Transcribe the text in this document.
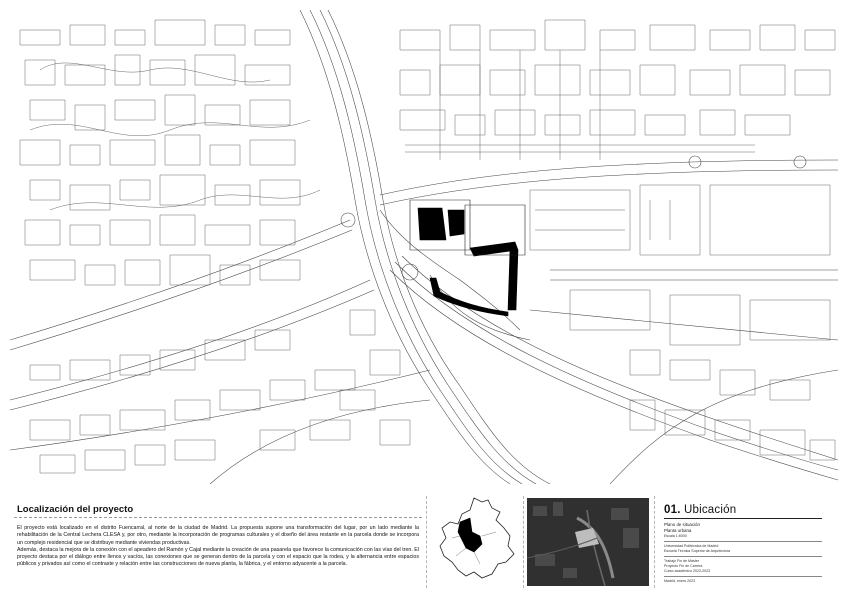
Localización del proyecto

El proyecto está localizado en el distrito Fuencarral, al norte de la ciudad de Madrid. La propuesta supone una transformación del lugar, por un lado mediante la rehabilitación de la Central Lechera CLESA y, por otro, mediante la incorporación de programas culturales y el diseño del área restante en la parcela donde se incorpora un complejo residencial que se distribuye mediante viviendas productivas.

Además, destaca la mejora de la conexión con el apeadero del Ramón y Cajal mediante la creación de una pasarela que favorece la comunicación con las vías del tren. El proyecto destaca por el diálogo entre llenos y vacíos, las conexiones que se generan dentro de la parcela y con el espacio que la rodea, y la alternancia entre espacios públicos y privados así como el contraste y relación entre las construcciones de nueva planta, la fábrica, y el entorno adyacente a la parcela.

01. Ubicación

Plano de situación

Planta urbana

Escala 1:6000

Universidad Politécnica de Madrid

Escuela Técnica Superior de Arquitectura

Trabajo Fin de Máster

Proyecto Fin de Carrera

Curso académico 2022-2023

Madrid, enero 2023
